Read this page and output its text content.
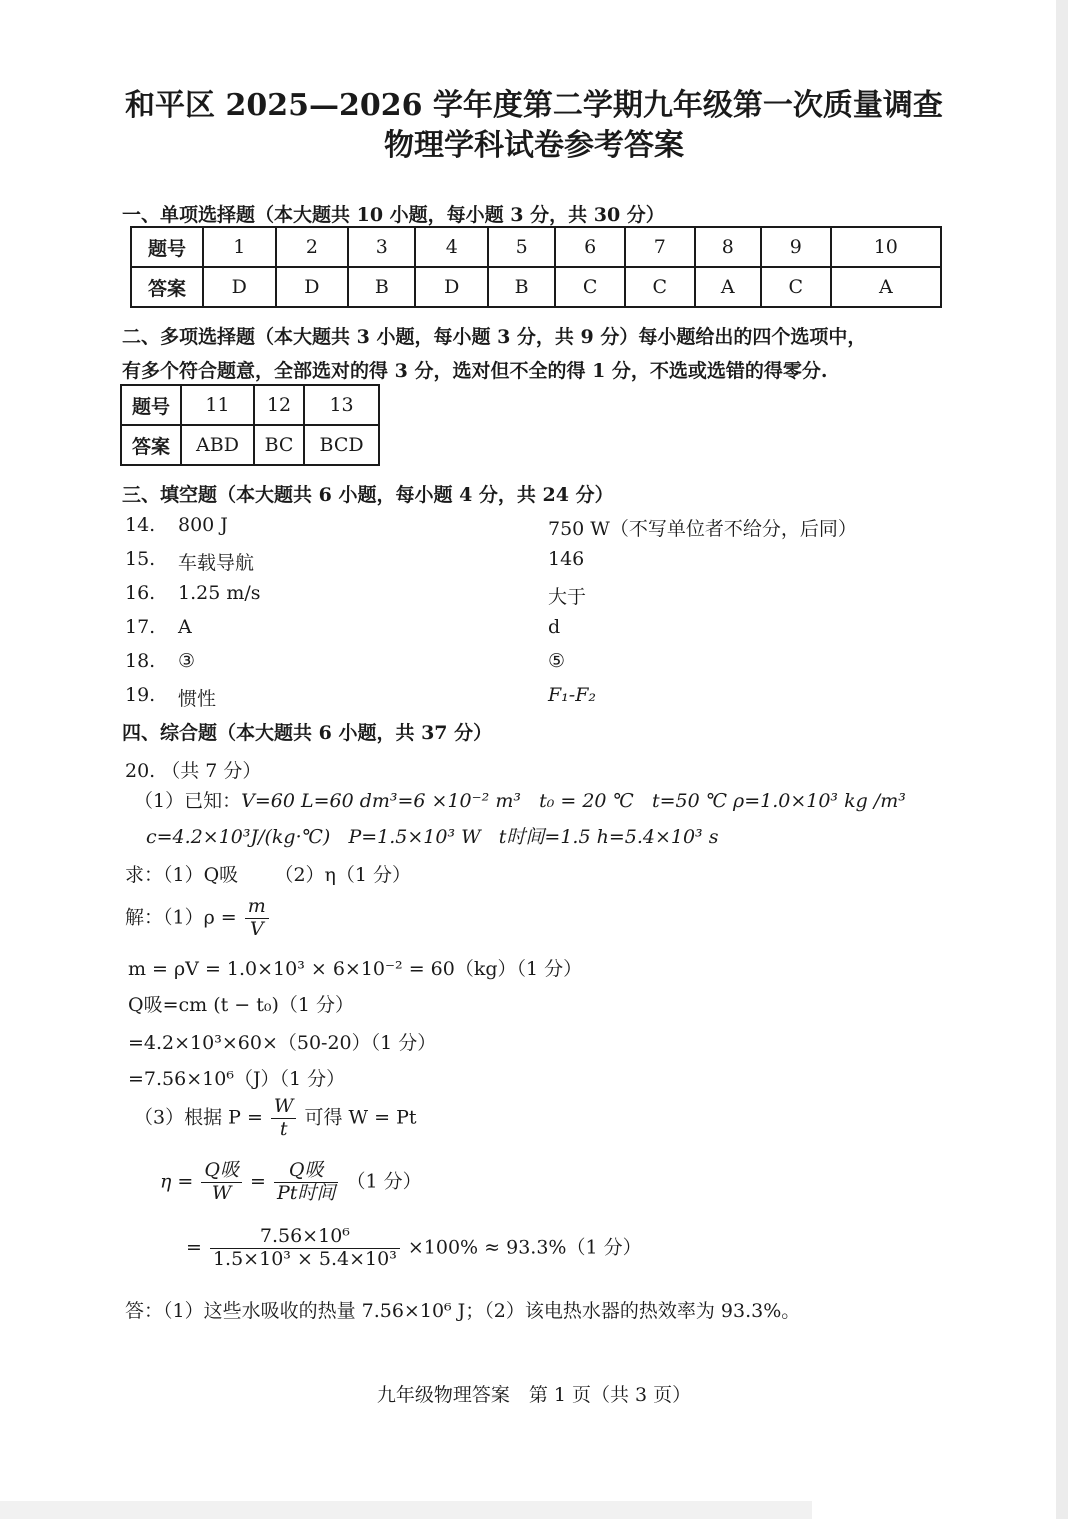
和平区 2025—2026 学年度第二学期九年级第一次质量调查
物理学科试卷参考答案
一、单项选择题（本大题共 10 小题，每小题 3 分，共 30 分）
题号	1	2	3	4	5	6	7	8	9	10
答案	D	D	B	D	B	C	C	A	C	A
二、多项选择题（本大题共 3 小题，每小题 3 分，共 9 分）每小题给出的四个选项中，
有多个符合题意，全部选对的得 3 分，选对但不全的得 1 分，不选或选错的得零分.
题号	11	12	13
答案	ABD	BC	BCD
三、填空题（本大题共 6 小题，每小题 4 分，共 24 分）
14. 800 J	750 W（不写单位者不给分，后同）
15. 车载导航	146
16. 1.25 m/s	大于
17. A	d
18. ③	⑤
19. 惯性	F₁-F₂
四、综合题（本大题共 6 小题，共 37 分）
20. （共 7 分）
（1）已知：V=60 L=60 dm³=6 ×10⁻² m³ t₀ = 20 ℃ t=50 ℃ ρ=1.0×10³ kg /m³
c=4.2×10³J/(kg·℃) P=1.5×10³ W t时间=1.5 h=5.4×10³ s
求：（1）Q吸 （2）η（1 分）
解：$(1)\rho = \frac{m}{V}$
m = ρV = 1.0×10³ × 6×10⁻² = 60（kg）（1 分）
Q吸=cm (t − t₀)（1 分）
=4.2×10³×60×（50-20）（1 分）
=7.56×10⁶（J）（1 分）
（3）根据 $P = \frac{W}{t}$ 可得 W = Pt
$\eta = \frac{\text{Q吸}}{W} = \frac{\text{Q吸}}{\text{Pt时间}} (1$ 分）
= $\frac{\text{7.56×10⁶}}{\text{1.5×10³ × 5.4×10³}} \times 100\% \approx 93.3\%(1$ 分）
答：（1）这些水吸收的热量 7.56×10⁶ J；（2）该电热水器的热效率为 93.3%。
九年级物理答案　第 1 页（共 3 页）
